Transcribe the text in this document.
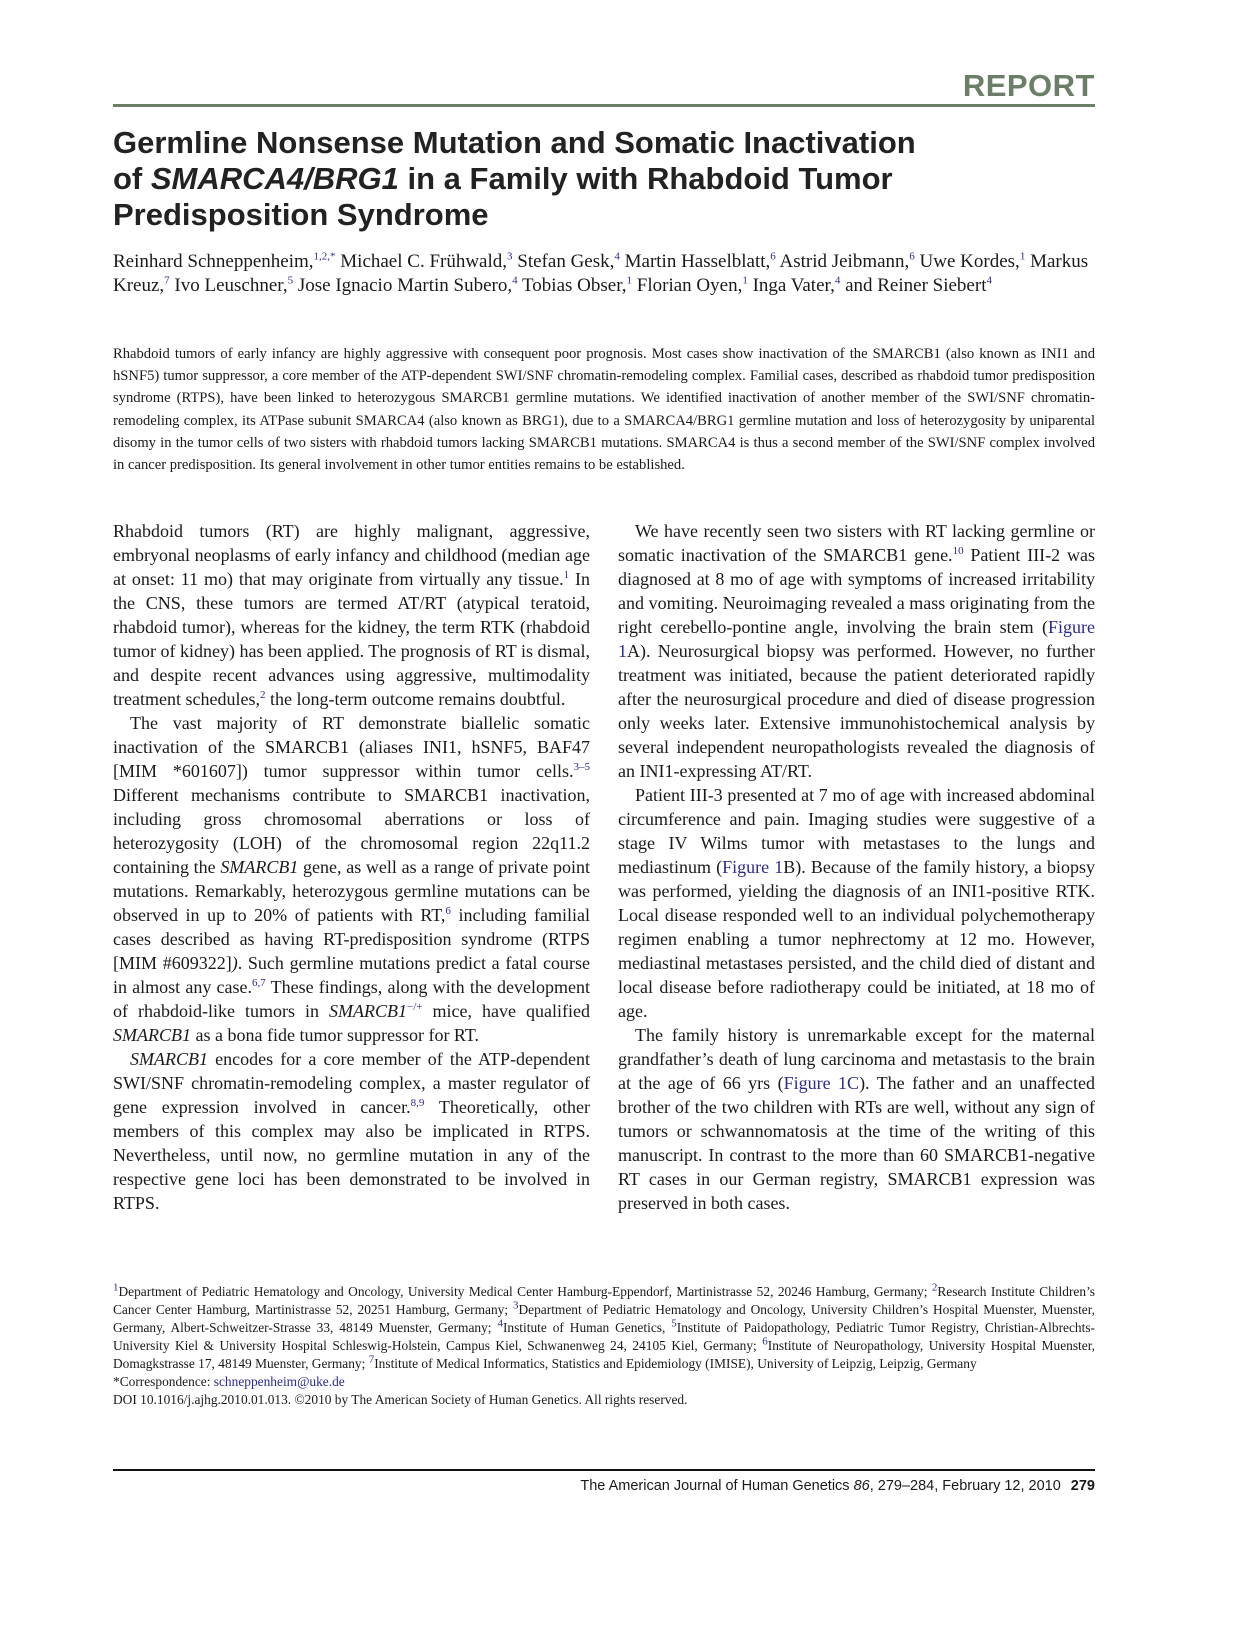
REPORT
Germline Nonsense Mutation and Somatic Inactivation of SMARCA4/BRG1 in a Family with Rhabdoid Tumor Predisposition Syndrome
Reinhard Schneppenheim,$^{1,2,*}$ Michael C. Frühwald,$^3$ Stefan Gesk,$^4$ Martin Hasselblatt,$^6$ Astrid Jeibmann,$^6$ Uwe Kordes,$^1$ Markus Kreuz,$^7$ Ivo Leuschner,$^5$ Jose Ignacio Martin Subero,$^4$ Tobias Obser,$^1$ Florian Oyen,$^1$ Inga Vater,$^4$ and Reiner Siebert$^4$

Rhabdoid tumors of early infancy are highly aggressive with consequent poor prognosis. Most cases show inactivation of the SMARCB1 (also known as INI1 and hSNF5) tumor suppressor, a core member of the ATP-dependent SWI/SNF chromatin-remodeling complex. Familial cases, described as rhabdoid tumor predisposition syndrome (RTPS), have been linked to heterozygous SMARCB1 germline mutations. We identified inactivation of another member of the SWI/SNF chromatin-remodeling complex, its ATPase subunit SMARCA4 (also known as BRG1), due to a SMARCA4/BRG1 germline mutation and loss of heterozygosity by uniparental disomy in the tumor cells of two sisters with rhabdoid tumors lacking SMARCB1 mutations. SMARCA4 is thus a second member of the SWI/SNF complex involved in cancer predisposition. Its general involvement in other tumor entities remains to be established.

Rhabdoid tumors (RT) are highly malignant, aggressive, embryonal neoplasms of early infancy and childhood (median age at onset: 11 mo) that may originate from virtually any tissue.$^1$ In the CNS, these tumors are termed AT/RT (atypical teratoid, rhabdoid tumor), whereas for the kidney, the term RTK (rhabdoid tumor of kidney) has been applied. The prognosis of RT is dismal, and despite recent advances using aggressive, multimodality treatment schedules,$^2$ the long-term outcome remains doubtful.

The vast majority of RT demonstrate biallelic somatic inactivation of the SMARCB1 (aliases INI1, hSNF5, BAF47 [MIM *601607]) tumor suppressor within tumor cells.$^{3-5}$ Different mechanisms contribute to SMARCB1 inactivation, including gross chromosomal aberrations or loss of heterozygosity (LOH) of the chromosomal region 22q11.2 containing the SMARCB1 gene, as well as a range of private point mutations. Remarkably, heterozygous germline mutations can be observed in up to 20% of patients with RT,$^6$ including familial cases described as having RT-predisposition syndrome (RTPS [MIM #609322]). Such germline mutations predict a fatal course in almost any case.$^{6,7}$ These findings, along with the development of rhabdoid-like tumors in SMARCB1−/+ mice, have qualified SMARCB1 as a bona fide tumor suppressor for RT.

SMARCB1 encodes for a core member of the ATP-dependent SWI/SNF chromatin-remodeling complex, a master regulator of gene expression involved in cancer.$^{8,9}$ Theoretically, other members of this complex may also be implicated in RTPS. Nevertheless, until now, no germline mutation in any of the respective gene loci has been demonstrated to be involved in RTPS.

We have recently seen two sisters with RT lacking germline or somatic inactivation of the SMARCB1 gene.$^{10}$ Patient III-2 was diagnosed at 8 mo of age with symptoms of increased irritability and vomiting. Neuroimaging revealed a mass originating from the right cerebello-pontine angle, involving the brain stem (Figure 1A). Neurosurgical biopsy was performed. However, no further treatment was initiated, because the patient deteriorated rapidly after the neurosurgical procedure and died of disease progression only weeks later. Extensive immunohistochemical analysis by several independent neuropathologists revealed the diagnosis of an INI1-expressing AT/RT.

Patient III-3 presented at 7 mo of age with increased abdominal circumference and pain. Imaging studies were suggestive of a stage IV Wilms tumor with metastases to the lungs and mediastinum (Figure 1B). Because of the family history, a biopsy was performed, yielding the diagnosis of an INI1-positive RTK. Local disease responded well to an individual polychemotherapy regimen enabling a tumor nephrectomy at 12 mo. However, mediastinal metastases persisted, and the child died of distant and local disease before radiotherapy could be initiated, at 18 mo of age.

The family history is unremarkable except for the maternal grandfather’s death of lung carcinoma and metastasis to the brain at the age of 66 yrs (Figure 1C). The father and an unaffected brother of the two children with RTs are well, without any sign of tumors or schwannomatosis at the time of the writing of this manuscript. In contrast to the more than 60 SMARCB1-negative RT cases in our German registry, SMARCB1 expression was preserved in both cases.

$^1$Department of Pediatric Hematology and Oncology, University Medical Center Hamburg-Eppendorf, Martinistrasse 52, 20246 Hamburg, Germany; $^2$Research Institute Children’s Cancer Center Hamburg, Martinistrasse 52, 20251 Hamburg, Germany; $^3$Department of Pediatric Hematology and Oncology, University Children’s Hospital Muenster, Muenster, Germany, Albert-Schweitzer-Strasse 33, 48149 Muenster, Germany; $^4$Institute of Human Genetics, $^5$Institute of Paidopathology, Pediatric Tumor Registry, Christian-Albrechts-University Kiel & University Hospital Schleswig-Holstein, Campus Kiel, Schwanenweg 24, 24105 Kiel, Germany; $^6$Institute of Neuropathology, University Hospital Muenster, Domagkstrasse 17, 48149 Muenster, Germany; $^7$Institute of Medical Informatics, Statistics and Epidemiology (IMISE), University of Leipzig, Leipzig, Germany
*Correspondence: schneppenheim@uke.de
DOI 10.1016/j.ajhg.2010.01.013. ©2010 by The American Society of Human Genetics. All rights reserved.
The American Journal of Human Genetics 86, 279–284, February 12, 2010 279
